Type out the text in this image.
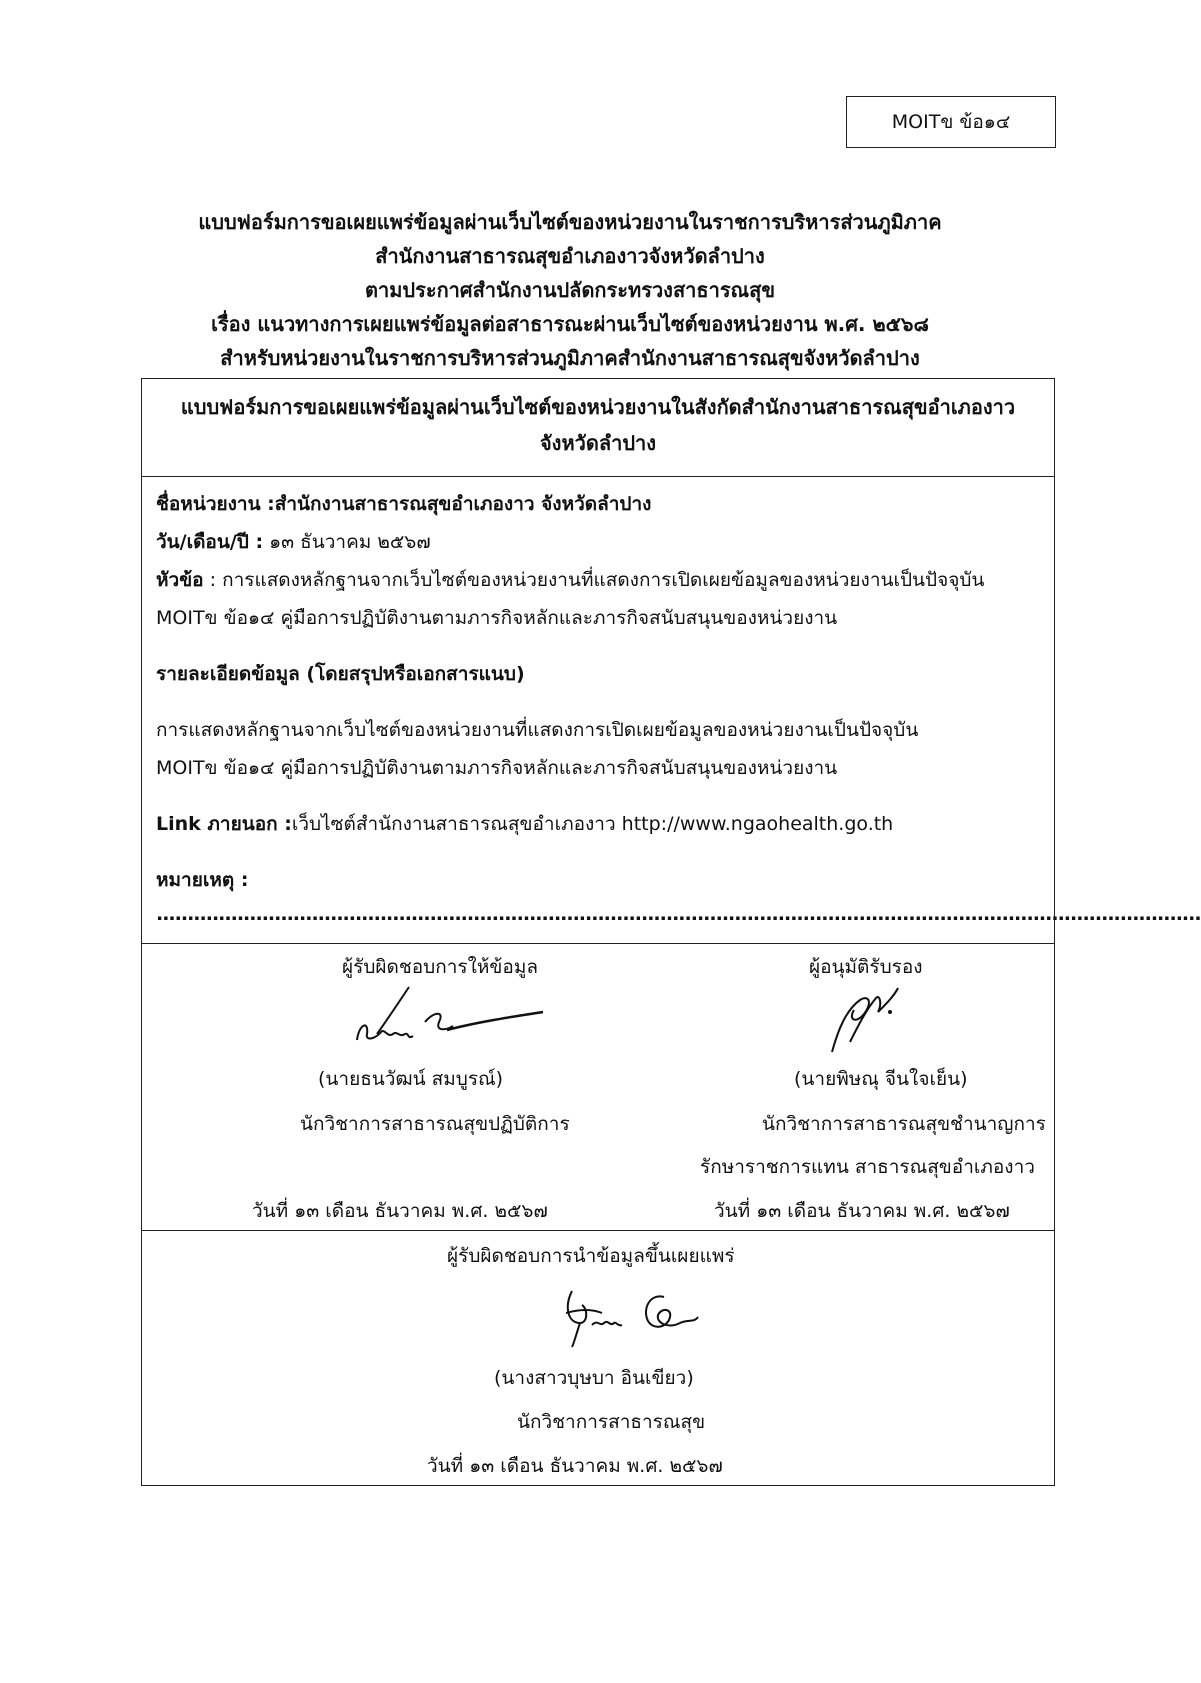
MOITข ข้อ๑๔
แบบฟอร์มการขอเผยแพร่ข้อมูลผ่านเว็บไซต์ของหน่วยงานในราชการบริหารส่วนภูมิภาค
สำนักงานสาธารณสุขอำเภองาวจังหวัดลำปาง
ตามประกาศสำนักงานปลัดกระทรวงสาธารณสุข
เรื่อง แนวทางการเผยแพร่ข้อมูลต่อสาธารณะผ่านเว็บไซต์ของหน่วยงาน พ.ศ. ๒๕๖๘
สำหรับหน่วยงานในราชการบริหารส่วนภูมิภาคสำนักงานสาธารณสุขจังหวัดลำปาง
แบบฟอร์มการขอเผยแพร่ข้อมูลผ่านเว็บไซต์ของหน่วยงานในสังกัดสำนักงานสาธารณสุขอำเภองาว
จังหวัดลำปาง
ชื่อหน่วยงาน :สำนักงานสาธารณสุขอำเภองาว จังหวัดลำปาง
วัน/เดือน/ปี : ๑๓ ธันวาคม ๒๕๖๗
หัวข้อ : การแสดงหลักฐานจากเว็บไซต์ของหน่วยงานที่แสดงการเปิดเผยข้อมูลของหน่วยงานเป็นปัจจุบัน
MOITข ข้อ๑๔ คู่มือการปฏิบัติงานตามภารกิจหลักและภารกิจสนับสนุนของหน่วยงาน
รายละเอียดข้อมูล (โดยสรุปหรือเอกสารแนบ)
การแสดงหลักฐานจากเว็บไซต์ของหน่วยงานที่แสดงการเปิดเผยข้อมูลของหน่วยงานเป็นปัจจุบัน
MOITข ข้อ๑๔ คู่มือการปฏิบัติงานตามภารกิจหลักและภารกิจสนับสนุนของหน่วยงาน
Link ภายนอก :เว็บไซต์สำนักงานสาธารณสุขอำเภองาว http://www.ngaohealth.go.th
หมายเหตุ :
........................................................................................................................................................................
ผู้รับผิดชอบการให้ข้อมูล
(นายธนวัฒน์ สมบูรณ์)
นักวิชาการสาธารณสุขปฏิบัติการ
วันที่ ๑๓ เดือน ธันวาคม พ.ศ. ๒๕๖๗
ผู้อนุมัติรับรอง
(นายพิษณุ จีนใจเย็น)
นักวิชาการสาธารณสุขชำนาญการ
รักษาราชการแทน สาธารณสุขอำเภองาว
วันที่ ๑๓ เดือน ธันวาคม พ.ศ. ๒๕๖๗
ผู้รับผิดชอบการนำข้อมูลขึ้นเผยแพร่
(นางสาวบุษบา อินเขียว)
นักวิชาการสาธารณสุข
วันที่ ๑๓ เดือน ธันวาคม พ.ศ. ๒๕๖๗
